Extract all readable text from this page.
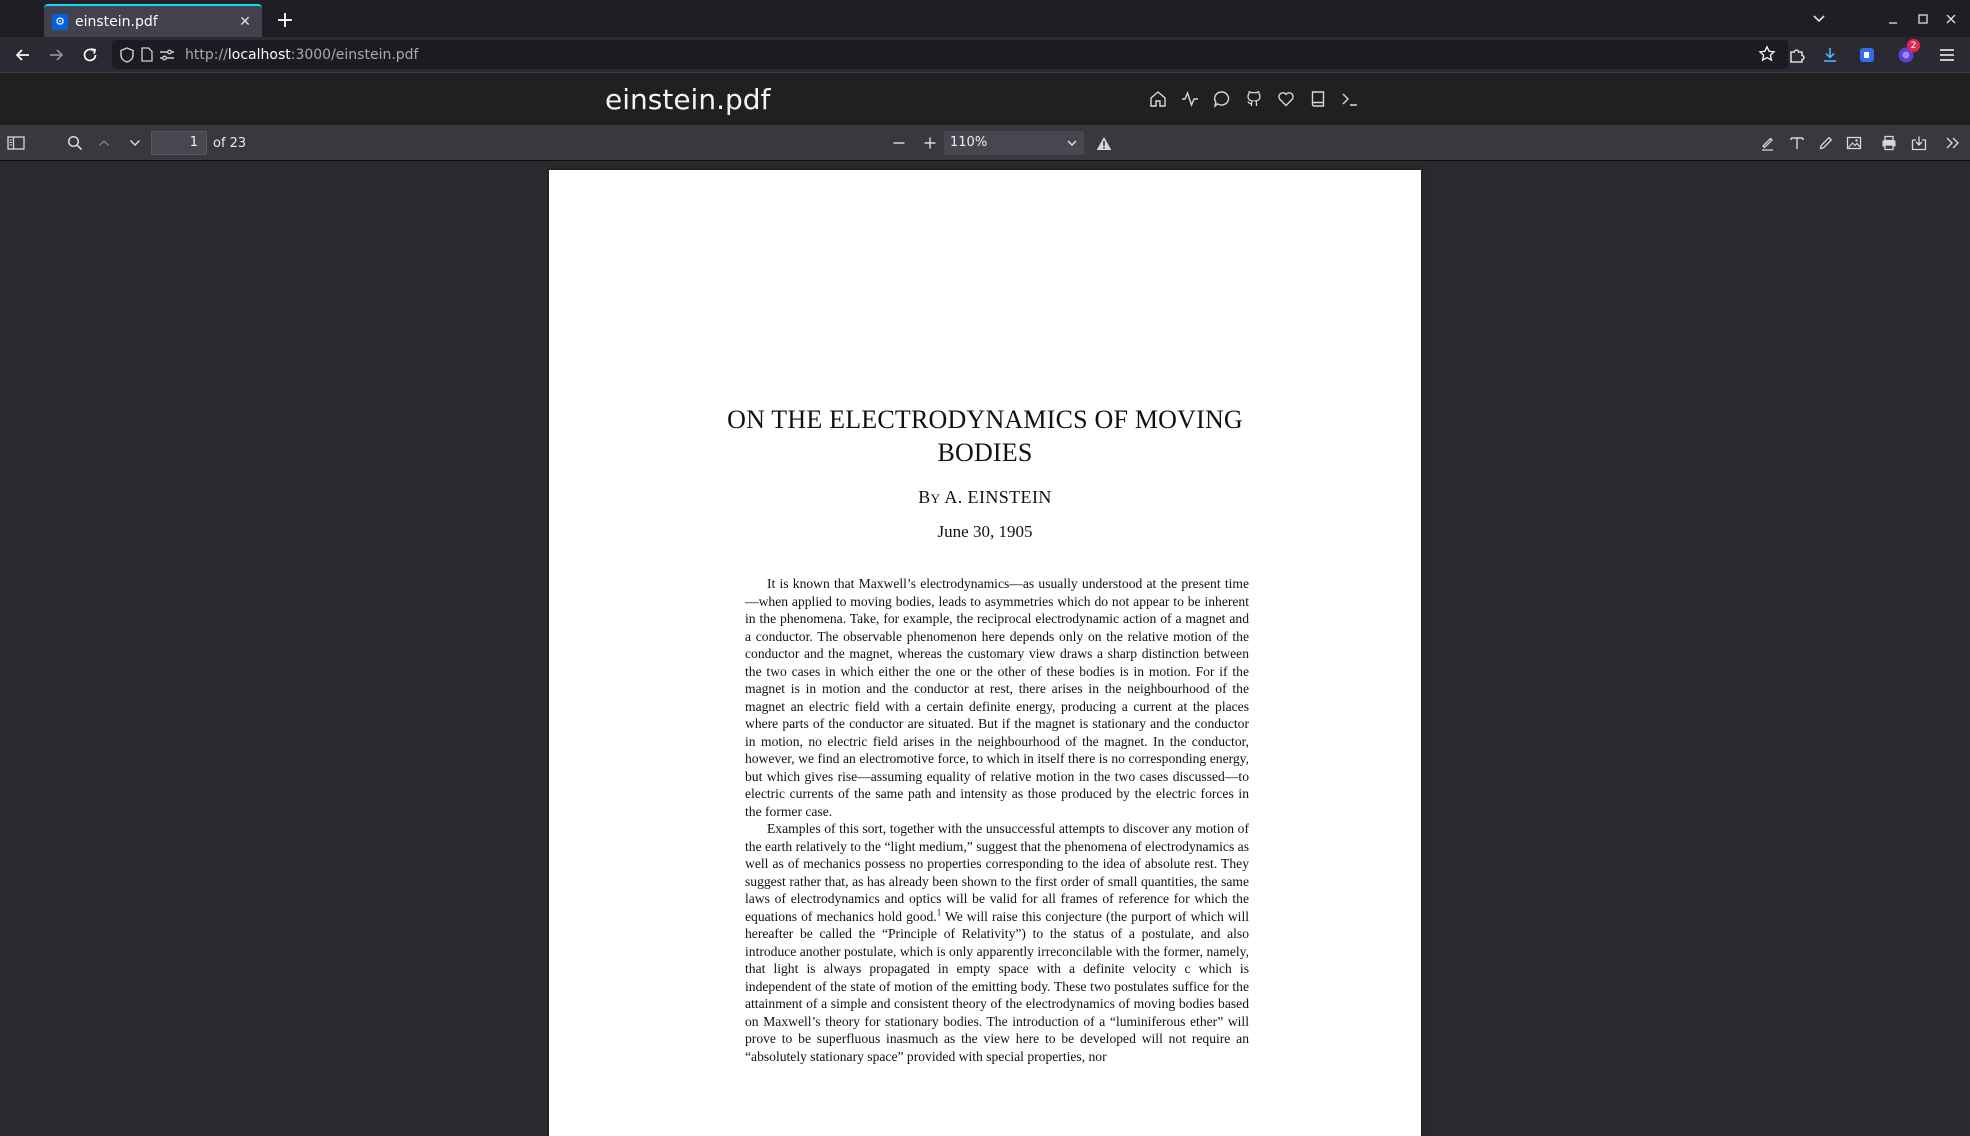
⚙ einstein.pdf	✕ +
http://localhost:3000/einstein.pdf
2
einstein.pdf
1	of 23	110%
ON THE ELECTRODYNAMICS OF MOVING
BODIES
By A. EINSTEIN
June 30, 1905

It is known that Maxwell’s electrodynamics—as usually understood at the present time—when applied to moving bodies, leads to asymmetries which do not appear to be inherent in the phenomena. Take, for example, the reciprocal electrodynamic action of a magnet and a conductor. The observable phenomenon here depends only on the relative motion of the conductor and the magnet, whereas the customary view draws a sharp distinction between the two cases in which either the one or the other of these bodies is in motion. For if the magnet is in motion and the conductor at rest, there arises in the neighbourhood of the magnet an electric field with a certain definite energy, producing a current at the places where parts of the conductor are situated. But if the magnet is stationary and the conductor in motion, no electric field arises in the neighbourhood of the magnet. In the conductor, however, we find an electromotive force, to which in itself there is no corresponding energy, but which gives rise—assuming equality of relative motion in the two cases discussed—to electric currents of the same path and intensity as those produced by the electric forces in the former case.

Examples of this sort, together with the unsuccessful attempts to discover any motion of the earth relatively to the “light medium,” suggest that the phenomena of electrodynamics as well as of mechanics possess no properties corresponding to the idea of absolute rest. They suggest rather that, as has already been shown to the first order of small quantities, the same laws of electrodynamics and optics will be valid for all frames of reference for which the equations of mechanics hold good.$^1$ We will raise this conjecture (the purport of which will hereafter be called the “Principle of Relativity”) to the status of a postulate, and also introduce another postulate, which is only apparently irreconcilable with the former, namely, that light is always propagated in empty space with a definite velocity c which is independent of the state of motion of the emitting body. These two postulates suffice for the attainment of a simple and consistent theory of the electrodynamics of moving bodies based on Maxwell’s theory for stationary bodies. The introduction of a “luminiferous ether” will prove to be superfluous inasmuch as the view here to be developed will not require an “absolutely stationary space” provided with special properties, nor
